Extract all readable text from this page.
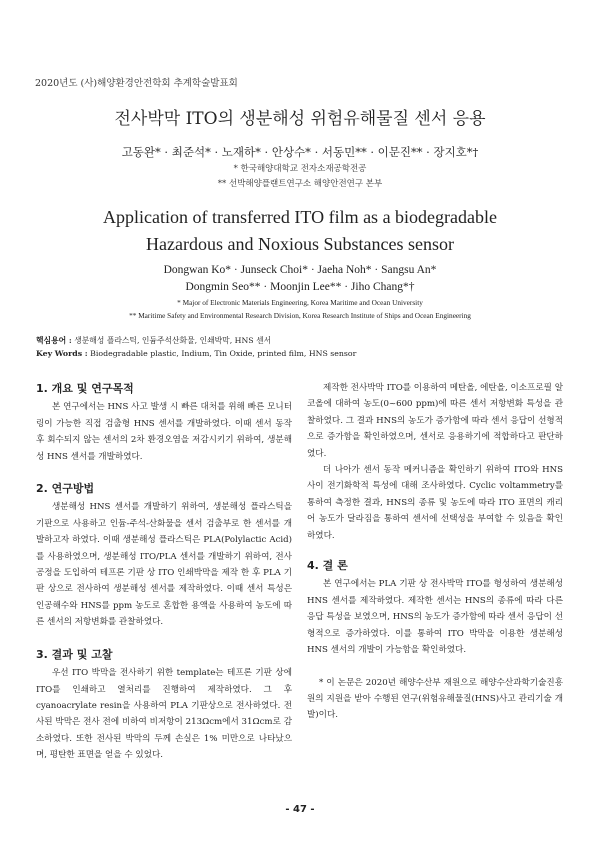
2020년도 (사)해양환경안전학회 추계학술발표회
전사박막 ITO의 생분해성 위험유해물질 센서 응용
고동완* · 최준석* · 노재하* · 안상수* · 서동민** · 이문진** · 장지호*†
* 한국해양대학교 전자소재공학전공
** 선박해양플랜트연구소 해양안전연구 본부
Application of transferred ITO film as a biodegradable
Hazardous and Noxious Substances sensor
Dongwan Ko* · Junseck Choi* · Jaeha Noh* · Sangsu An*
Dongmin Seo** · Moonjin Lee** · Jiho Chang*†
* Major of Electronic Materials Engineering, Korea Maritime and Ocean University
** Maritime Safety and Environmental Research Division, Korea Research Institute of Ships and Ocean Engineering
핵심용어 : 생분해성 플라스틱, 인듐주석산화물, 인쇄박막, HNS 센서
Key Words : Biodegradable plastic, Indium, Tin Oxide, printed film, HNS sensor
1. 개요 및 연구목적

본 연구에서는 HNS 사고 발생 시 빠른 대처를 위해 빠른 모니터링이 가능한 직접 검출형 HNS 센서를 개발하였다. 이때 센서 동작 후 회수되지 않는 센서의 2차 환경오염을 저감시키기 위하여, 생분해성 HNS 센서를 개발하였다.

2. 연구방법

생분해성 HNS 센서를 개발하기 위하여, 생분해성 플라스틱을 기판으로 사용하고 인듐-주석-산화물을 센서 검출부로 한 센서를 개발하고자 하였다. 이때 생분해성 플라스틱은 PLA(Polylactic Acid)를 사용하였으며, 생분해성 ITO/PLA 센서를 개발하기 위하여, 전사공정을 도입하여 테프론 기판 상 ITO 인쇄박막을 제작 한 후 PLA 기판 상으로 전사하여 생분해성 센서를 제작하였다. 이때 센서 특성은 인공해수와 HNS를 ppm 농도로 혼합한 용액을 사용하여 농도에 따른 센서의 저항변화를 관찰하였다.

3. 결과 및 고찰

우선 ITO 박막을 전사하기 위한 template는 테프론 기판 상에 ITO를 인쇄하고 열처리를 진행하여 제작하였다. 그 후 cyanoacrylate resin을 사용하여 PLA 기판상으로 전사하였다. 전사된 박막은 전사 전에 비하여 비저항이 213Ωcm에서 31Ωcm로 감소하였다. 또한 전사된 박막의 두께 손실은 1% 미만으로 나타났으며, 평탄한 표면을 얻을 수 있었다.

제작한 전사박막 ITO를 이용하여 메탄올, 에탄올, 이소프로필 알코올에 대하여 농도(0~600 ppm)에 따른 센서 저항변화 특성을 관찰하였다. 그 결과 HNS의 농도가 증가함에 따라 센서 응답이 선형적으로 증가함을 확인하였으며, 센서로 응용하기에 적합하다고 판단하였다.

더 나아가 센서 동작 메커니즘을 확인하기 위하여 ITO와 HNS 사이 전기화학적 특성에 대해 조사하였다. Cyclic voltammetry를 통하여 측정한 결과, HNS의 종류 및 농도에 따라 ITO 표면의 캐리어 농도가 달라짐을 통하여 센서에 선택성을 부여할 수 있음을 확인하였다.

4. 결 론

본 연구에서는 PLA 기판 상 전사박막 ITO를 형성하여 생분해성 HNS 센서를 제작하였다. 제작한 센서는 HNS의 종류에 따라 다른 응답 특성을 보였으며, HNS의 농도가 증가함에 따라 센서 응답이 선형적으로 증가하였다. 이를 통하여 ITO 박막을 이용한 생분해성 HNS 센서의 개발이 가능함을 확인하였다.

* 이 논문은 2020년 해양수산부 재원으로 해양수산과학기술진흥원의 지원을 받아 수행된 연구(위험유해물질(HNS)사고 관리기술 개발)이다.

- 47 -
